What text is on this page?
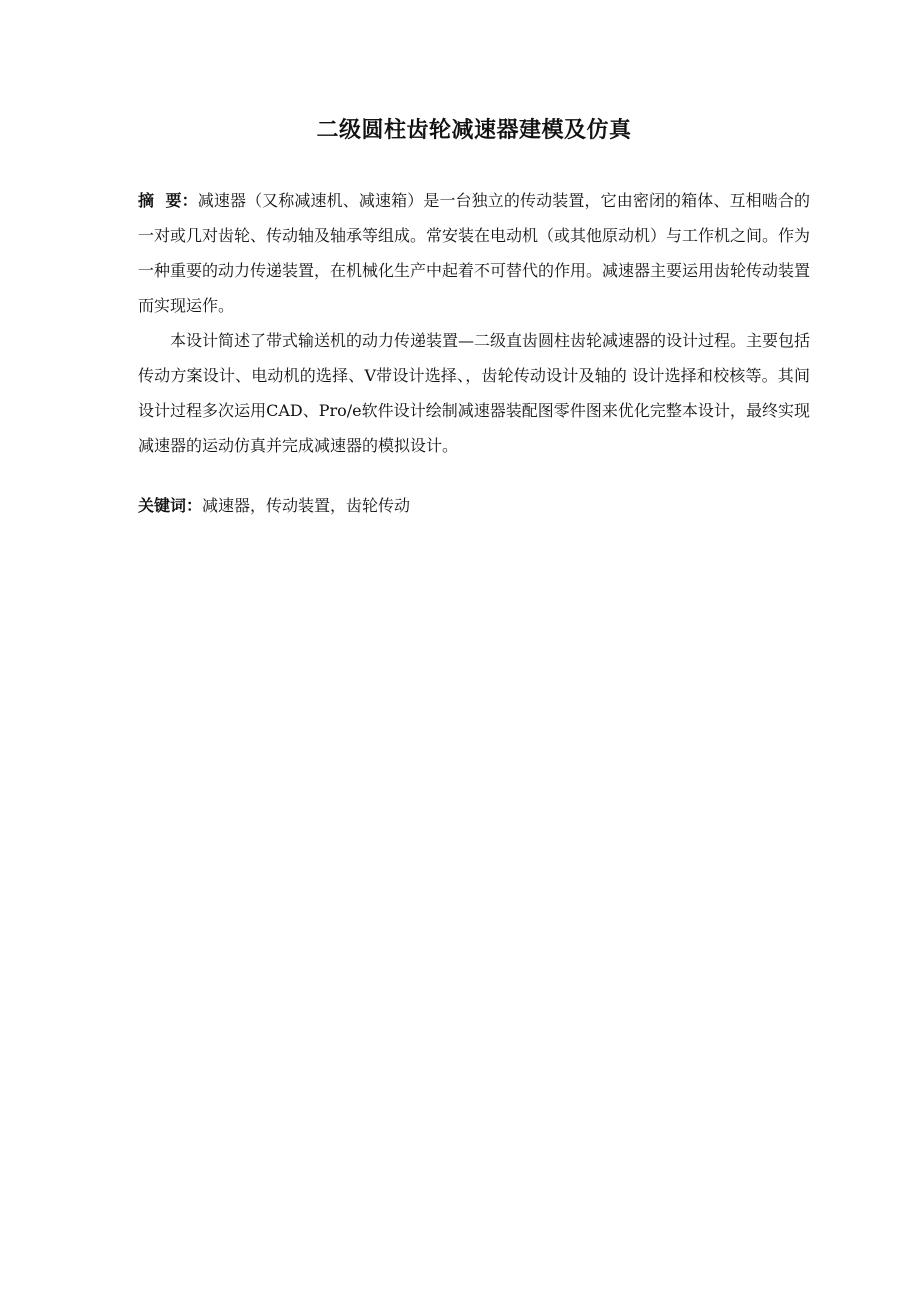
二级圆柱齿轮减速器建模及仿真

摘  要：减速器（又称减速机、减速箱）是一台独立的传动装置，它由密闭的箱体、互相啮合的一对或几对齿轮、传动轴及轴承等组成。常安装在电动机（或其他原动机）与工作机之间。作为一种重要的动力传递装置，在机械化生产中起着不可替代的作用。减速器主要运用齿轮传动装置而实现运作。

本设计简述了带式输送机的动力传递装置—二级直齿圆柱齿轮减速器的设计过程。主要包括传动方案设计、电动机的选择、V带设计选择、，齿轮传动设计及轴的 设计选择和校核等。其间设计过程多次运用CAD、Pro/e软件设计绘制减速器装配图零件图来优化完整本设计，最终实现减速器的运动仿真并完成减速器的模拟设计。

关键词：减速器，传动装置，齿轮传动
